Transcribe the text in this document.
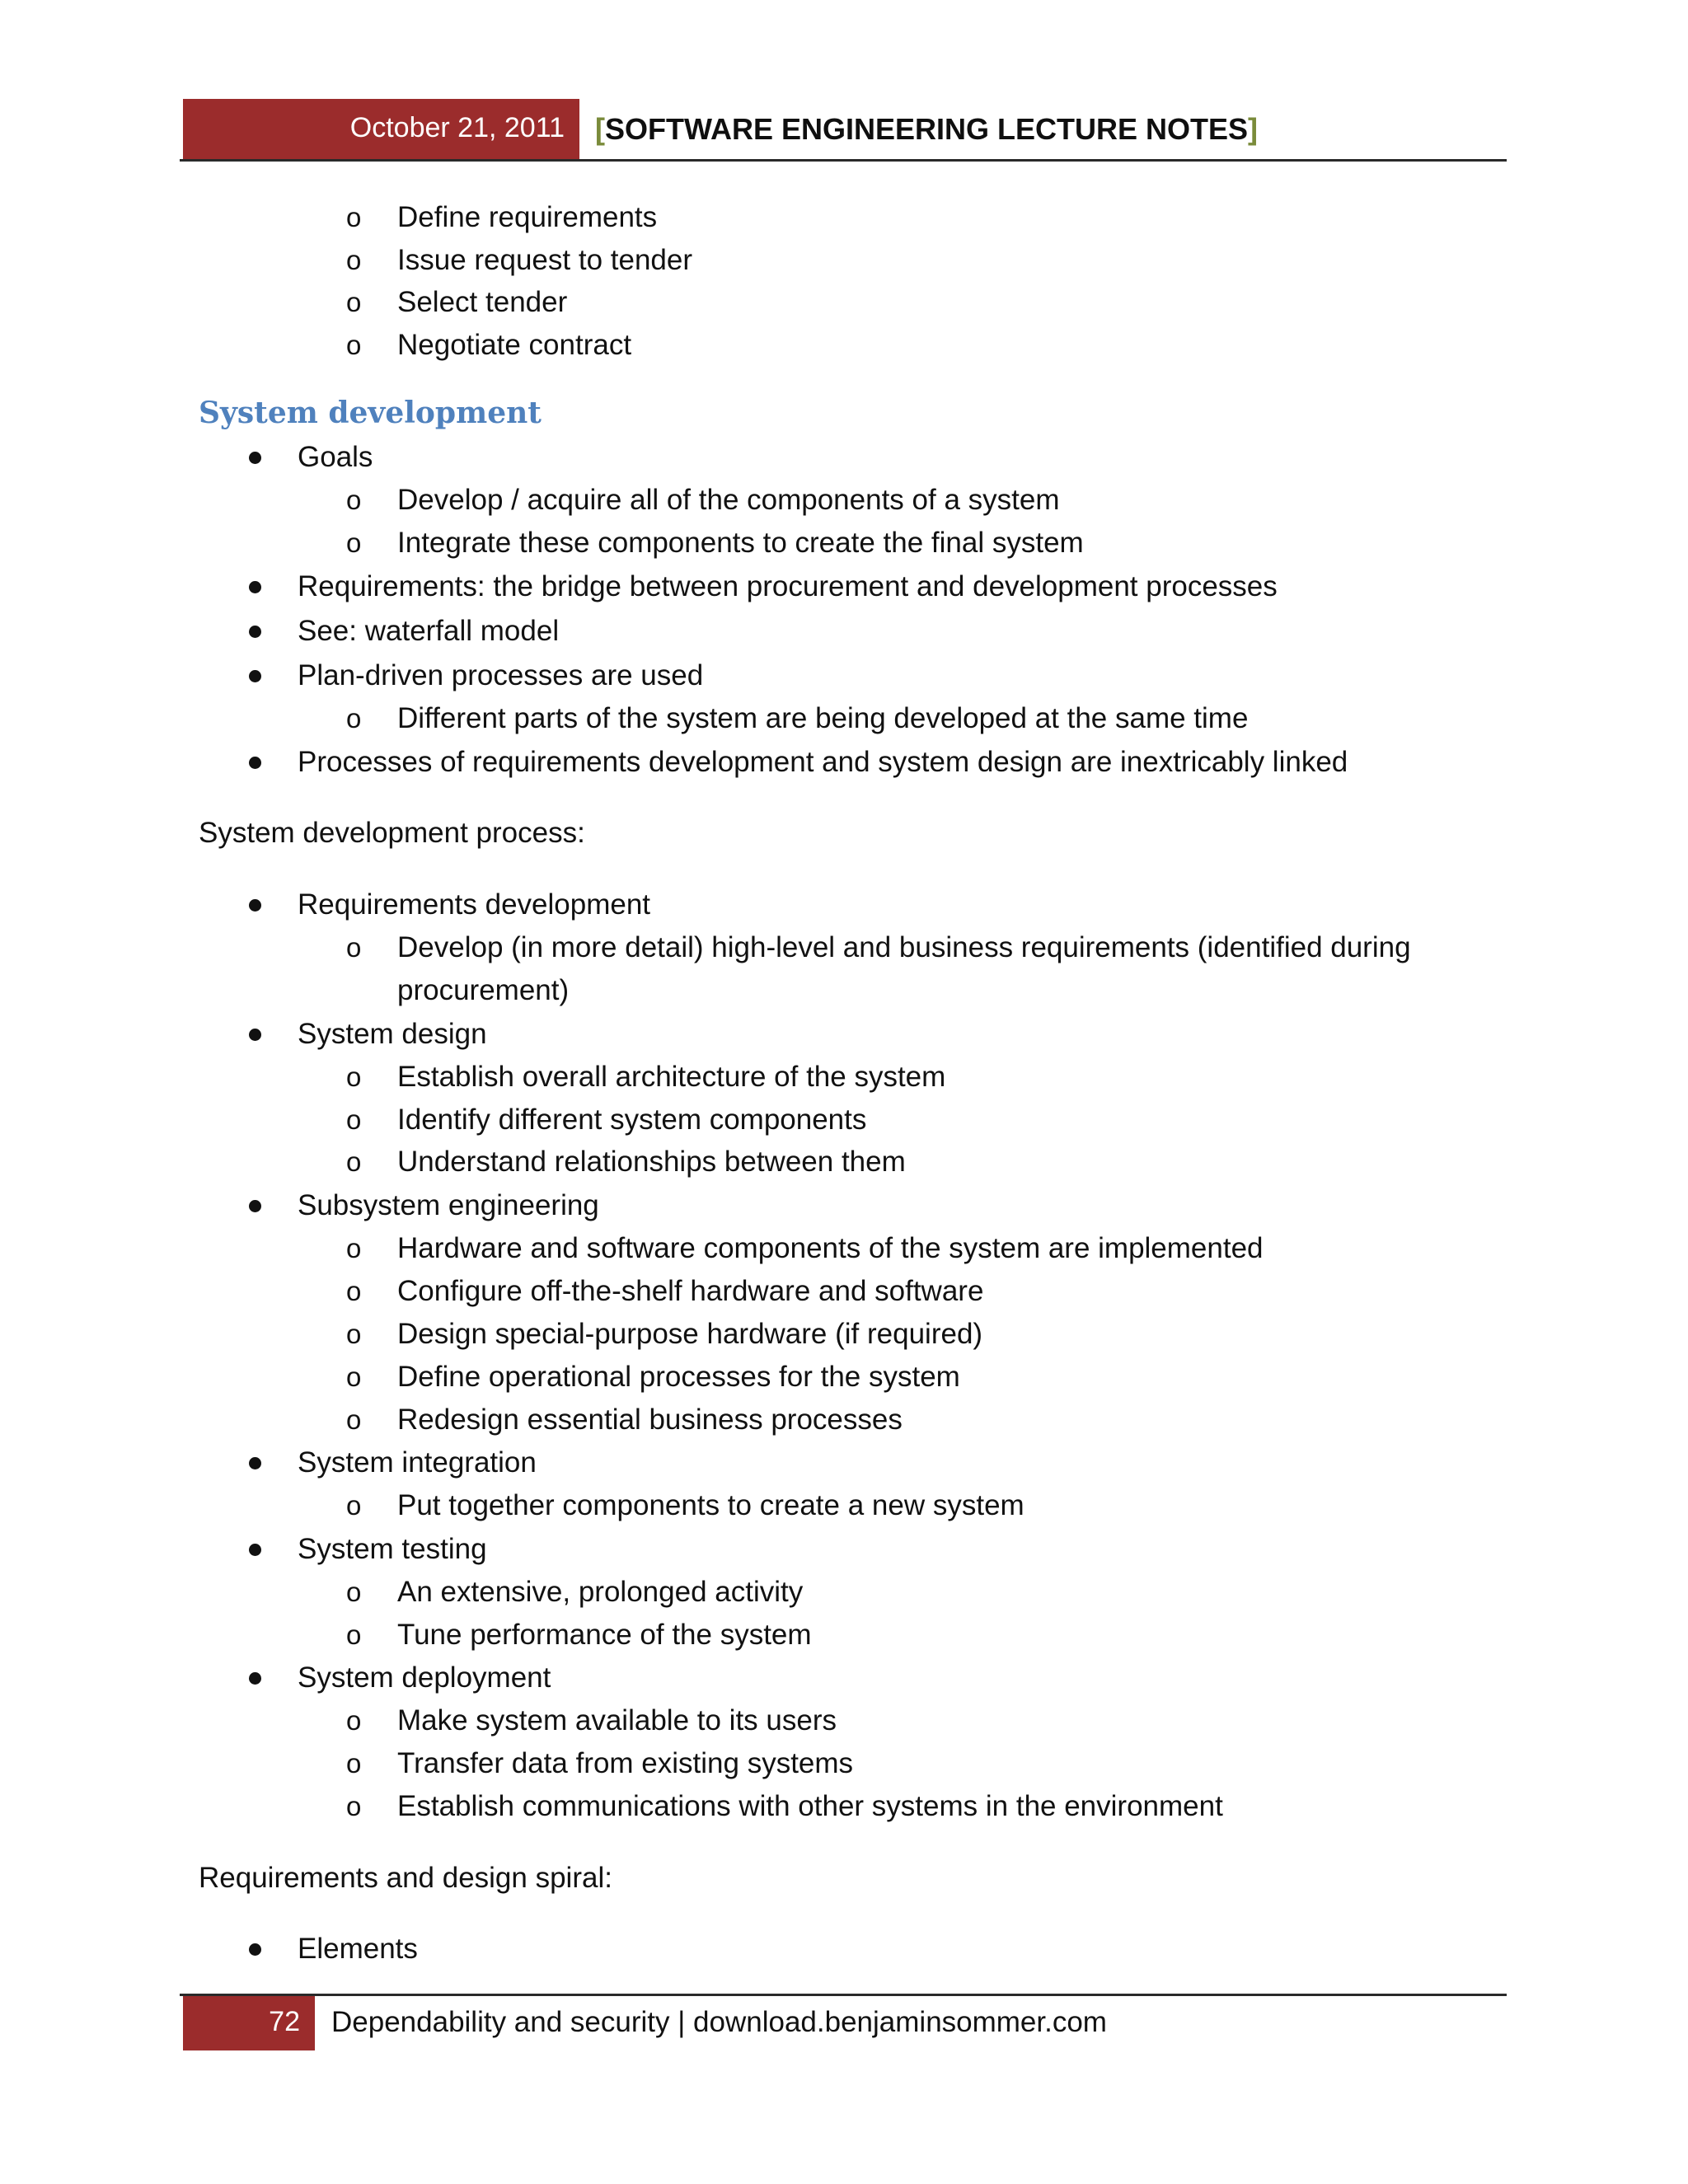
October 21, 2011 [SOFTWARE ENGINEERING LECTURE NOTES]
o Define requirements
o Issue request to tender
o Select tender
o Negotiate contract
System development
Goals
o Develop / acquire all of the components of a system
o Integrate these components to create the final system
Requirements: the bridge between procurement and development processes
See: waterfall model
Plan-driven processes are used
o Different parts of the system are being developed at the same time
Processes of requirements development and system design are inextricably linked
System development process:
Requirements development
o Develop (in more detail) high-level and business requirements (identified during
procurement)
System design
o Establish overall architecture of the system
o Identify different system components
o Understand relationships between them
Subsystem engineering
o Hardware and software components of the system are implemented
o Configure off-the-shelf hardware and software
o Design special-purpose hardware (if required)
o Define operational processes for the system
o Redesign essential business processes
System integration
o Put together components to create a new system
System testing
o An extensive, prolonged activity
o Tune performance of the system
System deployment
o Make system available to its users
o Transfer data from existing systems
o Establish communications with other systems in the environment
Requirements and design spiral:
Elements
72 Dependability and security | download.benjaminsommer.com
